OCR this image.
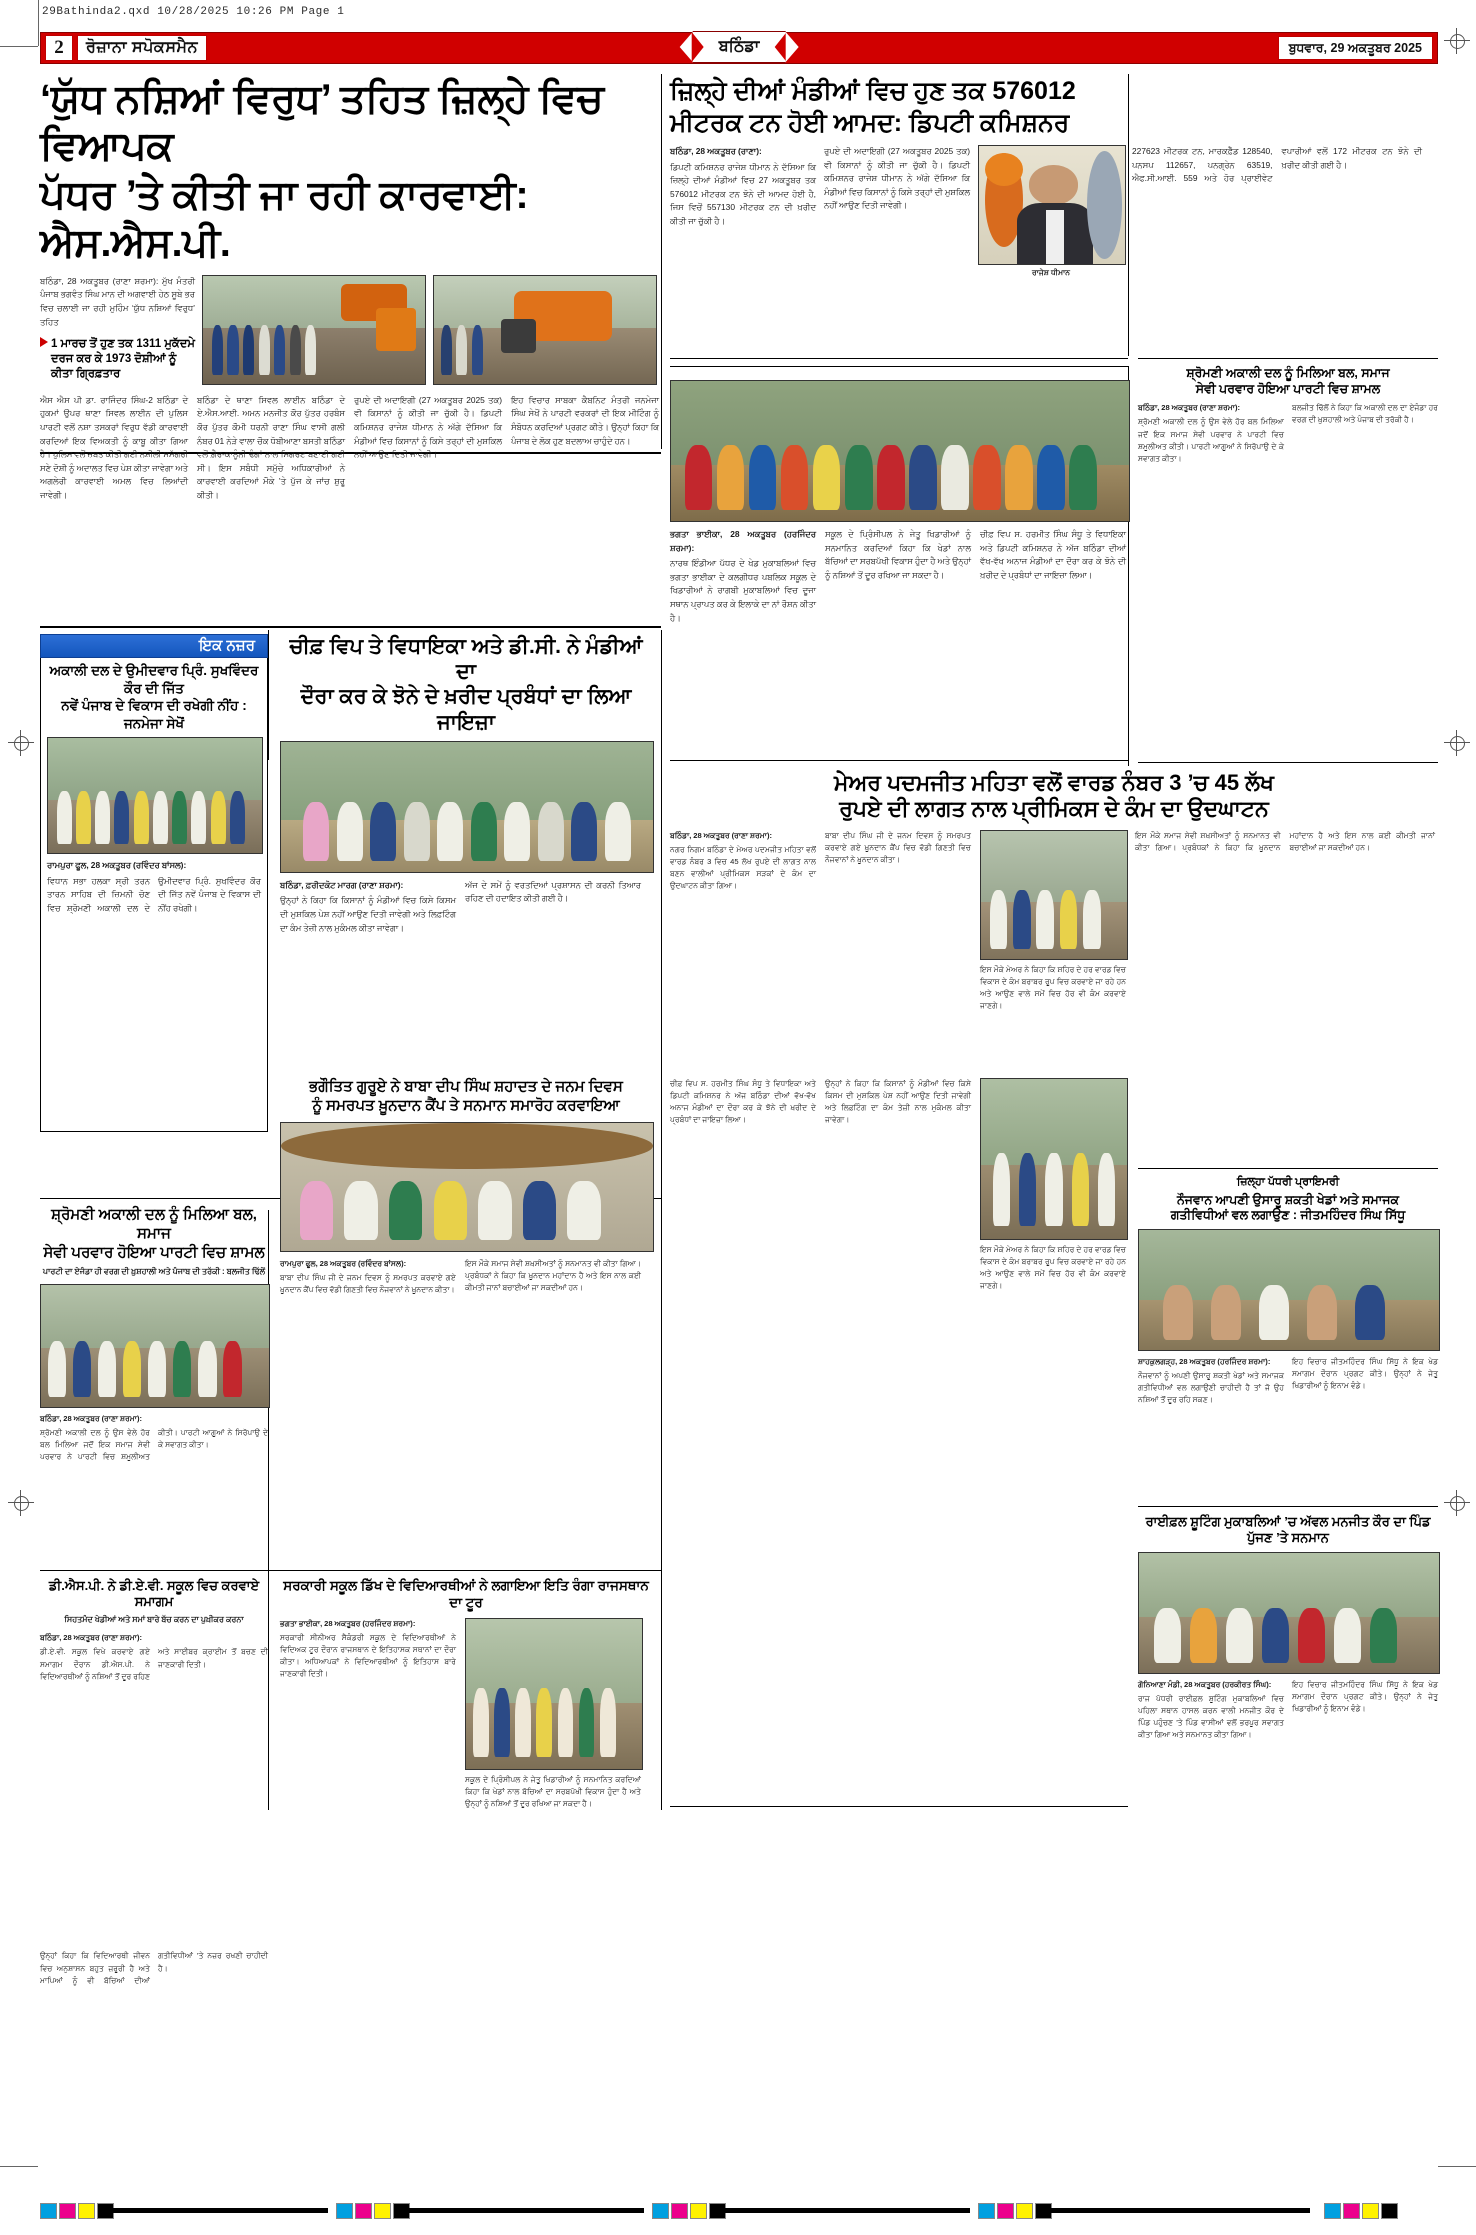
29Bathinda2.qxd 10/28/2025 10:26 PM Page 1
2	ਰੋਜ਼ਾਨਾ ਸਪੋਕਸਮੈਨ	ਬਠਿੰਡਾ	ਬੁਧਵਾਰ, 29 ਅਕਤੂਬਰ 2025
‘ਯੁੱਧ ਨਸ਼ਿਆਂ ਵਿਰੁਧ’ ਤਹਿਤ ਜ਼ਿਲ੍ਹੇ ਵਿਚ ਵਿਆਪਕ
ਪੱਧਰ ’ਤੇ ਕੀਤੀ ਜਾ ਰਹੀ ਕਾਰਵਾਈ: ਐਸ.ਐਸ.ਪੀ.
ਬਠਿੰਡਾ, 28 ਅਕਤੂਬਰ (ਰਾਣਾ ਸ਼ਰਮਾ): ਮੁੱਖ ਮੰਤਰੀ ਪੰਜਾਬ ਭਗਵੰਤ ਸਿੰਘ ਮਾਨ ਦੀ ਅਗਵਾਈ ਹੇਠ ਸੂਬੇ ਭਰ ਵਿਚ ਚਲਾਈ ਜਾ ਰਹੀ ਮੁਹਿੰਮ ‘ਯੁੱਧ ਨਸ਼ਿਆਂ ਵਿਰੁਧ’ ਤਹਿਤ
1 ਮਾਰਚ ਤੋਂ ਹੁਣ ਤਕ 1311 ਮੁਕੱਦਮੇ ਦਰਜ ਕਰ ਕੇ 1973 ਦੋਸ਼ੀਆਂ ਨੂੰ ਕੀਤਾ ਗ੍ਰਿਫ਼ਤਾਰ
ਐਸ ਐਸ ਪੀ ਡਾ. ਰਾਜਿੰਦਰ ਸਿੰਘ-2 ਬਠਿੰਡਾ ਦੇ ਹੁਕਮਾਂ ਉਪਰ ਥਾਣਾ ਸਿਵਲ ਲਾਈਨ ਦੀ ਪੁਲਿਸ ਪਾਰਟੀ ਵਲੋਂ ਨਸ਼ਾ ਤਸਕਰਾਂ ਵਿਰੁਧ ਵੱਡੀ ਕਾਰਵਾਈ ਕਰਦਿਆਂ ਇਕ ਵਿਅਕਤੀ ਨੂੰ ਕਾਬੂ ਕੀਤਾ ਗਿਆ ਹੈ। ਪੁਲਿਸ ਵਲੋਂ ਜ਼ਬਤ ਕੀਤੀ ਗਈ ਨਸ਼ੀਲੀ ਸਮੱਗਰੀ ਸਣੇ ਦੋਸ਼ੀ ਨੂੰ ਅਦਾਲਤ ਵਿਚ ਪੇਸ਼ ਕੀਤਾ ਜਾਵੇਗਾ ਅਤੇ ਅਗਲੇਰੀ ਕਾਰਵਾਈ ਅਮਲ ਵਿਚ ਲਿਆਂਦੀ ਜਾਵੇਗੀ।
ਬਠਿੰਡਾ ਦੇ ਥਾਣਾ ਸਿਵਲ ਲਾਈਨ ਬਠਿੰਡਾ ਦੇ ਏ.ਐਸ.ਆਈ. ਅਮਨ ਮਨਜੀਤ ਕੌਰ ਪੁੱਤਰ ਹਰਬੰਸ ਕੌਰ ਪੁੱਤਰ ਕੌਮੀ ਧਰਨੀ ਰਾਣਾ ਸਿੰਘ ਵਾਸੀ ਗਲੀ ਨੰਬਰ 01 ਨੇੜੇ ਵਾਲਾ ਚੌਕ ਧੋਬੀਆਣਾ ਬਸਤੀ ਬਠਿੰਡਾ ਵਲੋਂ ਗ਼ੈਰ-ਕਾਨੂੰਨੀ ਢੰਗਾਂ ਨਾਲ ਸਿਗਰਟ ਬਣਾਈ ਗਈ ਸੀ। ਇਸ ਸਬੰਧੀ ਸਮੁੱਚੇ ਅਧਿਕਾਰੀਆਂ ਨੇ ਕਾਰਵਾਈ ਕਰਦਿਆਂ ਮੌਕੇ ’ਤੇ ਪੁੱਜ ਕੇ ਜਾਂਚ ਸ਼ੁਰੂ ਕੀਤੀ।
ਰੁਪਏ ਦੀ ਅਦਾਇਗੀ (27 ਅਕਤੂਬਰ 2025 ਤਕ) ਵੀ ਕਿਸਾਨਾਂ ਨੂੰ ਕੀਤੀ ਜਾ ਚੁੱਕੀ ਹੈ। ਡਿਪਟੀ ਕਮਿਸ਼ਨਰ ਰਾਜੇਸ਼ ਧੀਮਾਨ ਨੇ ਅੱਗੇ ਦੱਸਿਆ ਕਿ ਮੰਡੀਆਂ ਵਿਚ ਕਿਸਾਨਾਂ ਨੂੰ ਕਿਸੇ ਤਰ੍ਹਾਂ ਦੀ ਮੁਸ਼ਕਿਲ ਨਹੀਂ ਆਉਣ ਦਿਤੀ ਜਾਵੇਗੀ।
ਇਹ ਵਿਚਾਰ ਸਾਬਕਾ ਕੈਬਨਿਟ ਮੰਤਰੀ ਜਨਮੇਜਾ ਸਿੰਘ ਸੇਖੋਂ ਨੇ ਪਾਰਟੀ ਵਰਕਰਾਂ ਦੀ ਇਕ ਮੀਟਿੰਗ ਨੂੰ ਸੰਬੋਧਨ ਕਰਦਿਆਂ ਪ੍ਰਗਟ ਕੀਤੇ। ਉਨ੍ਹਾਂ ਕਿਹਾ ਕਿ ਪੰਜਾਬ ਦੇ ਲੋਕ ਹੁਣ ਬਦਲਾਅ ਚਾਹੁੰਦੇ ਹਨ।
ਜ਼ਿਲ੍ਹੇ ਦੀਆਂ ਮੰਡੀਆਂ ਵਿਚ ਹੁਣ ਤਕ 576012
ਮੀਟਰਕ ਟਨ ਹੋਈ ਆਮਦ: ਡਿਪਟੀ ਕਮਿਸ਼ਨਰ
ਬਠਿੰਡਾ, 28 ਅਕਤੂਬਰ (ਰਾਣਾ):
ਡਿਪਟੀ ਕਮਿਸ਼ਨਰ ਰਾਜੇਸ਼ ਧੀਮਾਨ ਨੇ ਦੱਸਿਆ ਕਿ ਜ਼ਿਲ੍ਹੇ ਦੀਆਂ ਮੰਡੀਆਂ ਵਿਚ 27 ਅਕਤੂਬਰ ਤਕ 576012 ਮੀਟਰਕ ਟਨ ਝੋਨੇ ਦੀ ਆਮਦ ਹੋਈ ਹੈ, ਜਿਸ ਵਿਚੋਂ 557130 ਮੀਟਰਕ ਟਨ ਦੀ ਖ਼ਰੀਦ ਕੀਤੀ ਜਾ ਚੁੱਕੀ ਹੈ।
ਰੁਪਏ ਦੀ ਅਦਾਇਗੀ (27 ਅਕਤੂਬਰ 2025 ਤਕ) ਵੀ ਕਿਸਾਨਾਂ ਨੂੰ ਕੀਤੀ ਜਾ ਚੁੱਕੀ ਹੈ। ਡਿਪਟੀ ਕਮਿਸ਼ਨਰ ਰਾਜੇਸ਼ ਧੀਮਾਨ ਨੇ ਅੱਗੇ ਦੱਸਿਆ ਕਿ ਮੰਡੀਆਂ ਵਿਚ ਕਿਸਾਨਾਂ ਨੂੰ ਕਿਸੇ ਤਰ੍ਹਾਂ ਦੀ ਮੁਸ਼ਕਿਲ ਨਹੀਂ ਆਉਣ ਦਿਤੀ ਜਾਵੇਗੀ।
ਰਾਜੇਸ਼ ਧੀਮਾਨ
227623 ਮੀਟਰਕ ਟਨ, ਮਾਰਕਫ਼ੈੱਡ 128540, ਪਨਸਪ 112657, ਪਨਗ੍ਰੇਨ 63519, ਐਫ.ਸੀ.ਆਈ. 559 ਅਤੇ ਹੋਰ ਪ੍ਰਾਈਵੇਟ ਵਪਾਰੀਆਂ ਵਲੋਂ 172 ਮੀਟਰਕ ਟਨ ਝੋਨੇ ਦੀ ਖ਼ਰੀਦ ਕੀਤੀ ਗਈ ਹੈ।
ਭਗਤਾ ਭਾਈਕਾ, 28 ਅਕਤੂਬਰ (ਹਰਜਿੰਦਰ ਸ਼ਰਮਾ):
ਨਾਰਥ ਇੰਡੀਆ ਪੱਧਰ ਦੇ ਖੇਡ ਮੁਕਾਬਲਿਆਂ ਵਿਚ ਭਗਤਾ ਭਾਈਕਾ ਦੇ ਕਲਗੀਧਰ ਪਬਲਿਕ ਸਕੂਲ ਦੇ ਖਿਡਾਰੀਆਂ ਨੇ ਰਾਗਬੀ ਮੁਕਾਬਲਿਆਂ ਵਿਚ ਦੂਜਾ ਸਥਾਨ ਪ੍ਰਾਪਤ ਕਰ ਕੇ ਇਲਾਕੇ ਦਾ ਨਾਂ ਰੌਸ਼ਨ ਕੀਤਾ ਹੈ।
ਸਕੂਲ ਦੇ ਪ੍ਰਿੰਸੀਪਲ ਨੇ ਜੇਤੂ ਖਿਡਾਰੀਆਂ ਨੂੰ ਸਨਮਾਨਿਤ ਕਰਦਿਆਂ ਕਿਹਾ ਕਿ ਖੇਡਾਂ ਨਾਲ ਬੱਚਿਆਂ ਦਾ ਸਰਬਪੱਖੀ ਵਿਕਾਸ ਹੁੰਦਾ ਹੈ ਅਤੇ ਉਨ੍ਹਾਂ ਨੂੰ ਨਸ਼ਿਆਂ ਤੋਂ ਦੂਰ ਰਖਿਆ ਜਾ ਸਕਦਾ ਹੈ।
ਚੀਫ਼ ਵਿਪ ਸ. ਹਰਮੀਤ ਸਿੰਘ ਸੰਧੂ ਤੇ ਵਿਧਾਇਕਾ ਅਤੇ ਡਿਪਟੀ ਕਮਿਸ਼ਨਰ ਨੇ ਅੱਜ ਬਠਿੰਡਾ ਦੀਆਂ ਵੱਖ-ਵੱਖ ਅਨਾਜ ਮੰਡੀਆਂ ਦਾ ਦੌਰਾ ਕਰ ਕੇ ਝੋਨੇ ਦੀ ਖ਼ਰੀਦ ਦੇ ਪ੍ਰਬੰਧਾਂ ਦਾ ਜਾਇਜ਼ਾ ਲਿਆ।
ਸ਼੍ਰੋਮਣੀ ਅਕਾਲੀ ਦਲ ਨੂੰ ਮਿਲਿਆ ਬਲ, ਸਮਾਜ
ਸੇਵੀ ਪਰਵਾਰ ਹੋਇਆ ਪਾਰਟੀ ਵਿਚ ਸ਼ਾਮਲ
ਬਠਿੰਡਾ, 28 ਅਕਤੂਬਰ (ਰਾਣਾ ਸ਼ਰਮਾ):
ਸ਼੍ਰੋਮਣੀ ਅਕਾਲੀ ਦਲ ਨੂੰ ਉਸ ਵੇਲੇ ਹੋਰ ਬਲ ਮਿਲਿਆ ਜਦੋਂ ਇਕ ਸਮਾਜ ਸੇਵੀ ਪਰਵਾਰ ਨੇ ਪਾਰਟੀ ਵਿਚ ਸ਼ਮੂਲੀਅਤ ਕੀਤੀ। ਪਾਰਟੀ ਆਗੂਆਂ ਨੇ ਸਿਰੋਪਾਉ ਦੇ ਕੇ ਸਵਾਗਤ ਕੀਤਾ।
ਬਲਜੀਤ ਢਿੱਲੋਂ ਨੇ ਕਿਹਾ ਕਿ ਅਕਾਲੀ ਦਲ ਦਾ ਏਜੰਡਾ ਹਰ ਵਰਗ ਦੀ ਖ਼ੁਸ਼ਹਾਲੀ ਅਤੇ ਪੰਜਾਬ ਦੀ ਤਰੱਕੀ ਹੈ।
ਇਕ ਨਜ਼ਰ
ਅਕਾਲੀ ਦਲ ਦੇ ਉਮੀਦਵਾਰ ਪ੍ਰਿੰ. ਸੁਖਵਿੰਦਰ ਕੌਰ ਦੀ ਜਿੱਤ
ਨਵੇਂ ਪੰਜਾਬ ਦੇ ਵਿਕਾਸ ਦੀ ਰਖੇਗੀ ਨੀਂਹ : ਜਨਮੇਜਾ ਸੇਖੋਂ
ਰਾਮਪੁਰਾ ਫੂਲ, 28 ਅਕਤੂਬਰ (ਰਵਿੰਦਰ ਬਾਂਸਲ):
ਵਿਧਾਨ ਸਭਾ ਹਲਕਾ ਸ੍ਰੀ ਤਰਨ ਤਾਰਨ ਸਾਹਿਬ ਦੀ ਜ਼ਿਮਨੀ ਚੋਣ ਵਿਚ ਸ਼੍ਰੋਮਣੀ ਅਕਾਲੀ ਦਲ ਦੇ ਉਮੀਦਵਾਰ ਪ੍ਰਿੰ. ਸੁਖਵਿੰਦਰ ਕੌਰ ਦੀ ਜਿੱਤ ਨਵੇਂ ਪੰਜਾਬ ਦੇ ਵਿਕਾਸ ਦੀ ਨੀਂਹ ਰਖੇਗੀ।
ਚੀਫ਼ ਵਿਪ ਤੇ ਵਿਧਾਇਕਾ ਅਤੇ ਡੀ.ਸੀ. ਨੇ ਮੰਡੀਆਂ ਦਾ
ਦੌਰਾ ਕਰ ਕੇ ਝੋਨੇ ਦੇ ਖ਼ਰੀਦ ਪ੍ਰਬੰਧਾਂ ਦਾ ਲਿਆ ਜਾਇਜ਼ਾ
ਬਠਿੰਡਾ, ਫ਼ਰੀਦਕੋਟ ਮਾਰਗ (ਰਾਣਾ ਸ਼ਰਮਾ):
ਉਨ੍ਹਾਂ ਨੇ ਕਿਹਾ ਕਿ ਕਿਸਾਨਾਂ ਨੂੰ ਮੰਡੀਆਂ ਵਿਚ ਕਿਸੇ ਕਿਸਮ ਦੀ ਮੁਸ਼ਕਿਲ ਪੇਸ਼ ਨਹੀਂ ਆਉਣ ਦਿਤੀ ਜਾਵੇਗੀ ਅਤੇ ਲਿਫ਼ਟਿੰਗ ਦਾ ਕੰਮ ਤੇਜ਼ੀ ਨਾਲ ਮੁਕੰਮਲ ਕੀਤਾ ਜਾਵੇਗਾ।
ਅੱਜ ਦੇ ਸਮੇਂ ਨੂੰ ਵਰਤਦਿਆਂ ਪ੍ਰਸ਼ਾਸਨ ਦੀ ਕਰਨੀ ਤਿਆਰ ਰਹਿਣ ਦੀ ਹਦਾਇਤ ਕੀਤੀ ਗਈ ਹੈ।
ਮੇਅਰ ਪਦਮਜੀਤ ਮਹਿਤਾ ਵਲੋਂ ਵਾਰਡ ਨੰਬਰ 3 ’ਚ 45 ਲੱਖ
ਰੁਪਏ ਦੀ ਲਾਗਤ ਨਾਲ ਪ੍ਰੀਮਿਕਸ ਦੇ ਕੰਮ ਦਾ ਉਦਘਾਟਨ
ਬਠਿੰਡਾ, 28 ਅਕਤੂਬਰ (ਰਾਣਾ ਸ਼ਰਮਾ):
ਨਗਰ ਨਿਗਮ ਬਠਿੰਡਾ ਦੇ ਮੇਅਰ ਪਦਮਜੀਤ ਮਹਿਤਾ ਵਲੋਂ ਵਾਰਡ ਨੰਬਰ 3 ਵਿਚ 45 ਲੱਖ ਰੁਪਏ ਦੀ ਲਾਗਤ ਨਾਲ ਬਣਨ ਵਾਲੀਆਂ ਪ੍ਰੀਮਿਕਸ ਸੜਕਾਂ ਦੇ ਕੰਮ ਦਾ ਉਦਘਾਟਨ ਕੀਤਾ ਗਿਆ।
ਬਾਬਾ ਦੀਪ ਸਿੰਘ ਜੀ ਦੇ ਜਨਮ ਦਿਵਸ ਨੂੰ ਸਮਰਪਤ ਕਰਵਾਏ ਗਏ ਖ਼ੂਨਦਾਨ ਕੈਂਪ ਵਿਚ ਵੱਡੀ ਗਿਣਤੀ ਵਿਚ ਨੌਜਵਾਨਾਂ ਨੇ ਖ਼ੂਨਦਾਨ ਕੀਤਾ।
ਇਸ ਮੌਕੇ ਮੇਅਰ ਨੇ ਕਿਹਾ ਕਿ ਸ਼ਹਿਰ ਦੇ ਹਰ ਵਾਰਡ ਵਿਚ ਵਿਕਾਸ ਦੇ ਕੰਮ ਬਰਾਬਰ ਰੂਪ ਵਿਚ ਕਰਵਾਏ ਜਾ ਰਹੇ ਹਨ ਅਤੇ ਆਉਣ ਵਾਲੇ ਸਮੇਂ ਵਿਚ ਹੋਰ ਵੀ ਕੰਮ ਕਰਵਾਏ ਜਾਣਗੇ।
ਇਸ ਮੌਕੇ ਸਮਾਜ ਸੇਵੀ ਸ਼ਖ਼ਸੀਅਤਾਂ ਨੂੰ ਸਨਮਾਨਤ ਵੀ ਕੀਤਾ ਗਿਆ। ਪ੍ਰਬੰਧਕਾਂ ਨੇ ਕਿਹਾ ਕਿ ਖ਼ੂਨਦਾਨ ਮਹਾਂਦਾਨ ਹੈ ਅਤੇ ਇਸ ਨਾਲ ਕਈ ਕੀਮਤੀ ਜਾਨਾਂ ਬਚਾਈਆਂ ਜਾ ਸਕਦੀਆਂ ਹਨ।
ਭਗੌਤਿਤ ਗੁਰੂਏ ਨੇ ਬਾਬਾ ਦੀਪ ਸਿੰਘ ਸ਼ਹਾਦਤ ਦੇ ਜਨਮ ਦਿਵਸ
ਨੂੰ ਸਮਰਪਤ ਖ਼ੂਨਦਾਨ ਕੈਂਪ ਤੇ ਸਨਮਾਨ ਸਮਾਰੋਹ ਕਰਵਾਇਆ
ਰਾਮਪੁਰਾ ਫੂਲ, 28 ਅਕਤੂਬਰ (ਰਵਿੰਦਰ ਬਾਂਸਲ):
ਬਾਬਾ ਦੀਪ ਸਿੰਘ ਜੀ ਦੇ ਜਨਮ ਦਿਵਸ ਨੂੰ ਸਮਰਪਤ ਕਰਵਾਏ ਗਏ ਖ਼ੂਨਦਾਨ ਕੈਂਪ ਵਿਚ ਵੱਡੀ ਗਿਣਤੀ ਵਿਚ ਨੌਜਵਾਨਾਂ ਨੇ ਖ਼ੂਨਦਾਨ ਕੀਤਾ।
ਇਸ ਮੌਕੇ ਸਮਾਜ ਸੇਵੀ ਸ਼ਖ਼ਸੀਅਤਾਂ ਨੂੰ ਸਨਮਾਨਤ ਵੀ ਕੀਤਾ ਗਿਆ। ਪ੍ਰਬੰਧਕਾਂ ਨੇ ਕਿਹਾ ਕਿ ਖ਼ੂਨਦਾਨ ਮਹਾਂਦਾਨ ਹੈ ਅਤੇ ਇਸ ਨਾਲ ਕਈ ਕੀਮਤੀ ਜਾਨਾਂ ਬਚਾਈਆਂ ਜਾ ਸਕਦੀਆਂ ਹਨ।
ਸ਼੍ਰੋਮਣੀ ਅਕਾਲੀ ਦਲ ਨੂੰ ਮਿਲਿਆ ਬਲ, ਸਮਾਜ
ਸੇਵੀ ਪਰਵਾਰ ਹੋਇਆ ਪਾਰਟੀ ਵਿਚ ਸ਼ਾਮਲ
ਪਾਰਟੀ ਦਾ ਏਜੰਡਾ ਹੀ ਵਰਗ ਦੀ ਖ਼ੁਸ਼ਹਾਲੀ ਅਤੇ ਪੰਜਾਬ ਦੀ ਤਰੱਕੀ : ਬਲਜੀਤ ਢਿੱਲੋਂ
ਬਠਿੰਡਾ, 28 ਅਕਤੂਬਰ (ਰਾਣਾ ਸ਼ਰਮਾ):
ਸ਼੍ਰੋਮਣੀ ਅਕਾਲੀ ਦਲ ਨੂੰ ਉਸ ਵੇਲੇ ਹੋਰ ਬਲ ਮਿਲਿਆ ਜਦੋਂ ਇਕ ਸਮਾਜ ਸੇਵੀ ਪਰਵਾਰ ਨੇ ਪਾਰਟੀ ਵਿਚ ਸ਼ਮੂਲੀਅਤ ਕੀਤੀ। ਪਾਰਟੀ ਆਗੂਆਂ ਨੇ ਸਿਰੋਪਾਉ ਦੇ ਕੇ ਸਵਾਗਤ ਕੀਤਾ।
ਜ਼ਿਲ੍ਹਾ ਪੱਧਰੀ ਪ੍ਰਾਇਮਰੀ
ਨੌਜਵਾਨ ਆਪਣੀ ਉਸਾਰੂ ਸ਼ਕਤੀ ਖੇਡਾਂ ਅਤੇ ਸਮਾਜਕ
ਗਤੀਵਿਧੀਆਂ ਵਲ ਲਗਾਉਣ : ਜੀਤਮਹਿੰਦਰ ਸਿੰਘ ਸਿੱਧੂ
ਸ਼ਾਹਕੁਲਗੜ੍ਹ, 28 ਅਕਤੂਬਰ (ਹਰਜਿੰਦਰ ਸ਼ਰਮਾ):
ਨੌਜਵਾਨਾਂ ਨੂੰ ਅਪਣੀ ਉਸਾਰੂ ਸ਼ਕਤੀ ਖੇਡਾਂ ਅਤੇ ਸਮਾਜਕ ਗਤੀਵਿਧੀਆਂ ਵਲ ਲਗਾਉਣੀ ਚਾਹੀਦੀ ਹੈ ਤਾਂ ਜੋ ਉਹ ਨਸ਼ਿਆਂ ਤੋਂ ਦੂਰ ਰਹਿ ਸਕਣ।
ਇਹ ਵਿਚਾਰ ਜੀਤਮਹਿੰਦਰ ਸਿੰਘ ਸਿੱਧੂ ਨੇ ਇਕ ਖੇਡ ਸਮਾਗਮ ਦੌਰਾਨ ਪ੍ਰਗਟ ਕੀਤੇ। ਉਨ੍ਹਾਂ ਨੇ ਜੇਤੂ ਖਿਡਾਰੀਆਂ ਨੂੰ ਇਨਾਮ ਵੰਡੇ।
ਡੀ.ਐਸ.ਪੀ. ਨੇ ਡੀ.ਏ.ਵੀ. ਸਕੂਲ ਵਿਚ ਕਰਵਾਏ ਸਮਾਗਮ
ਸਿਹਤਮੰਦ ਖੇਡੀਆਂ ਅਤੇ ਸਮਾਂ ਬਾਰੇ ਬੱਚ ਕਰਨ ਦਾ ਪੁਖ਼ੀਕਰ ਕਰਨਾ
ਬਠਿੰਡਾ, 28 ਅਕਤੂਬਰ (ਰਾਣਾ ਸ਼ਰਮਾ):
ਡੀ.ਏ.ਵੀ. ਸਕੂਲ ਵਿਖੇ ਕਰਵਾਏ ਗਏ ਸਮਾਗਮ ਦੌਰਾਨ ਡੀ.ਐਸ.ਪੀ. ਨੇ ਵਿਦਿਆਰਥੀਆਂ ਨੂੰ ਨਸ਼ਿਆਂ ਤੋਂ ਦੂਰ ਰਹਿਣ ਅਤੇ ਸਾਈਬਰ ਕ੍ਰਾਈਮ ਤੋਂ ਬਚਣ ਦੀ ਜਾਣਕਾਰੀ ਦਿਤੀ।
ਉਨ੍ਹਾਂ ਕਿਹਾ ਕਿ ਵਿਦਿਆਰਥੀ ਜੀਵਨ ਵਿਚ ਅਨੁਸ਼ਾਸਨ ਬਹੁਤ ਜ਼ਰੂਰੀ ਹੈ ਅਤੇ ਮਾਪਿਆਂ ਨੂੰ ਵੀ ਬੱਚਿਆਂ ਦੀਆਂ ਗਤੀਵਿਧੀਆਂ ’ਤੇ ਨਜ਼ਰ ਰਖਣੀ ਚਾਹੀਦੀ ਹੈ।
ਸਰਕਾਰੀ ਸਕੂਲ ਡਿੱਖ ਦੇ ਵਿਦਿਆਰਥੀਆਂ ਨੇ ਲਗਾਇਆ ਇਤਿ ਰੰਗਾ ਰਾਜਸਥਾਨ ਦਾ ਟੂਰ
ਭਗਤਾ ਭਾਈਕਾ, 28 ਅਕਤੂਬਰ (ਹਰਜਿੰਦਰ ਸ਼ਰਮਾ):
ਸਰਕਾਰੀ ਸੀਨੀਅਰ ਸੈਕੰਡਰੀ ਸਕੂਲ ਦੇ ਵਿਦਿਆਰਥੀਆਂ ਨੇ ਵਿਦਿਅਕ ਟੂਰ ਦੌਰਾਨ ਰਾਜਸਥਾਨ ਦੇ ਇਤਿਹਾਸਕ ਸਥਾਨਾਂ ਦਾ ਦੌਰਾ ਕੀਤਾ। ਅਧਿਆਪਕਾਂ ਨੇ ਵਿਦਿਆਰਥੀਆਂ ਨੂੰ ਇਤਿਹਾਸ ਬਾਰੇ ਜਾਣਕਾਰੀ ਦਿਤੀ।
ਸਕੂਲ ਦੇ ਪ੍ਰਿੰਸੀਪਲ ਨੇ ਜੇਤੂ ਖਿਡਾਰੀਆਂ ਨੂੰ ਸਨਮਾਨਿਤ ਕਰਦਿਆਂ ਕਿਹਾ ਕਿ ਖੇਡਾਂ ਨਾਲ ਬੱਚਿਆਂ ਦਾ ਸਰਬਪੱਖੀ ਵਿਕਾਸ ਹੁੰਦਾ ਹੈ ਅਤੇ ਉਨ੍ਹਾਂ ਨੂੰ ਨਸ਼ਿਆਂ ਤੋਂ ਦੂਰ ਰਖਿਆ ਜਾ ਸਕਦਾ ਹੈ।
ਚੀਫ਼ ਵਿਪ ਸ. ਹਰਮੀਤ ਸਿੰਘ ਸੰਧੂ ਤੇ ਵਿਧਾਇਕਾ ਅਤੇ ਡਿਪਟੀ ਕਮਿਸ਼ਨਰ ਨੇ ਅੱਜ ਬਠਿੰਡਾ ਦੀਆਂ ਵੱਖ-ਵੱਖ ਅਨਾਜ ਮੰਡੀਆਂ ਦਾ ਦੌਰਾ ਕਰ ਕੇ ਝੋਨੇ ਦੀ ਖ਼ਰੀਦ ਦੇ ਪ੍ਰਬੰਧਾਂ ਦਾ ਜਾਇਜ਼ਾ ਲਿਆ।
ਉਨ੍ਹਾਂ ਨੇ ਕਿਹਾ ਕਿ ਕਿਸਾਨਾਂ ਨੂੰ ਮੰਡੀਆਂ ਵਿਚ ਕਿਸੇ ਕਿਸਮ ਦੀ ਮੁਸ਼ਕਿਲ ਪੇਸ਼ ਨਹੀਂ ਆਉਣ ਦਿਤੀ ਜਾਵੇਗੀ ਅਤੇ ਲਿਫ਼ਟਿੰਗ ਦਾ ਕੰਮ ਤੇਜ਼ੀ ਨਾਲ ਮੁਕੰਮਲ ਕੀਤਾ ਜਾਵੇਗਾ।
ਇਸ ਮੌਕੇ ਮੇਅਰ ਨੇ ਕਿਹਾ ਕਿ ਸ਼ਹਿਰ ਦੇ ਹਰ ਵਾਰਡ ਵਿਚ ਵਿਕਾਸ ਦੇ ਕੰਮ ਬਰਾਬਰ ਰੂਪ ਵਿਚ ਕਰਵਾਏ ਜਾ ਰਹੇ ਹਨ ਅਤੇ ਆਉਣ ਵਾਲੇ ਸਮੇਂ ਵਿਚ ਹੋਰ ਵੀ ਕੰਮ ਕਰਵਾਏ ਜਾਣਗੇ।
ਰਾਈਫ਼ਲ ਸ਼ੂਟਿੰਗ ਮੁਕਾਬਲਿਆਂ ’ਚ ਅੱਵਲ ਮਨਜੀਤ ਕੌਰ ਦਾ ਪਿੰਡ ਪੁੱਜਣ ’ਤੇ ਸਨਮਾਨ
ਗੋਨਿਆਣਾ ਮੰਡੀ, 28 ਅਕਤੂਬਰ (ਹਰਕੀਰਤ ਸਿੰਘ):
ਰਾਜ ਪੱਧਰੀ ਰਾਈਫ਼ਲ ਸ਼ੂਟਿੰਗ ਮੁਕਾਬਲਿਆਂ ਵਿਚ ਪਹਿਲਾ ਸਥਾਨ ਹਾਸਲ ਕਰਨ ਵਾਲੀ ਮਨਜੀਤ ਕੌਰ ਦੇ ਪਿੰਡ ਪਹੁੰਚਣ ’ਤੇ ਪਿੰਡ ਵਾਸੀਆਂ ਵਲੋਂ ਭਰਪੂਰ ਸਵਾਗਤ ਕੀਤਾ ਗਿਆ ਅਤੇ ਸਨਮਾਨਤ ਕੀਤਾ ਗਿਆ।
ਇਹ ਵਿਚਾਰ ਜੀਤਮਹਿੰਦਰ ਸਿੰਘ ਸਿੱਧੂ ਨੇ ਇਕ ਖੇਡ ਸਮਾਗਮ ਦੌਰਾਨ ਪ੍ਰਗਟ ਕੀਤੇ। ਉਨ੍ਹਾਂ ਨੇ ਜੇਤੂ ਖਿਡਾਰੀਆਂ ਨੂੰ ਇਨਾਮ ਵੰਡੇ।
